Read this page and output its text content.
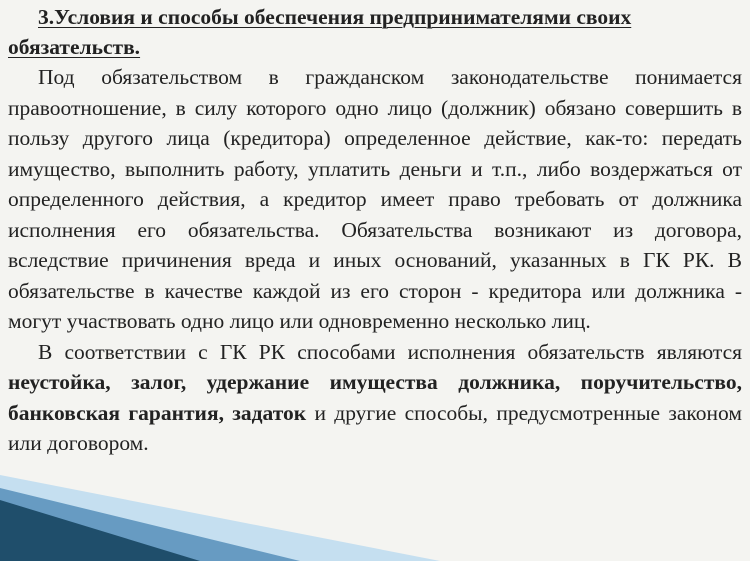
3.Условия и способы обеспечения предпринимателями своих обязательств.

Под обязательством в гражданском законодательстве понимается правоотношение, в силу которого одно лицо (должник) обязано совершить в пользу другого лица (кредитора) определенное действие, как-то: передать имущество, выполнить работу, уплатить деньги и т.п., либо воздержаться от определенного действия, а кредитор имеет право требовать от должника исполнения его обязательства. Обязательства возникают из договора, вследствие причинения вреда и иных оснований, указанных в ГК РК. В обязательстве в качестве каждой из его сторон - кредитора или должника - могут участвовать одно лицо или одновременно несколько лиц.

В соответствии с ГК РК способами исполнения обязательств являются неустойка, залог, удержание имущества должника, поручительство, банковская гарантия, задаток и другие способы, предусмотренные законом или договором.
